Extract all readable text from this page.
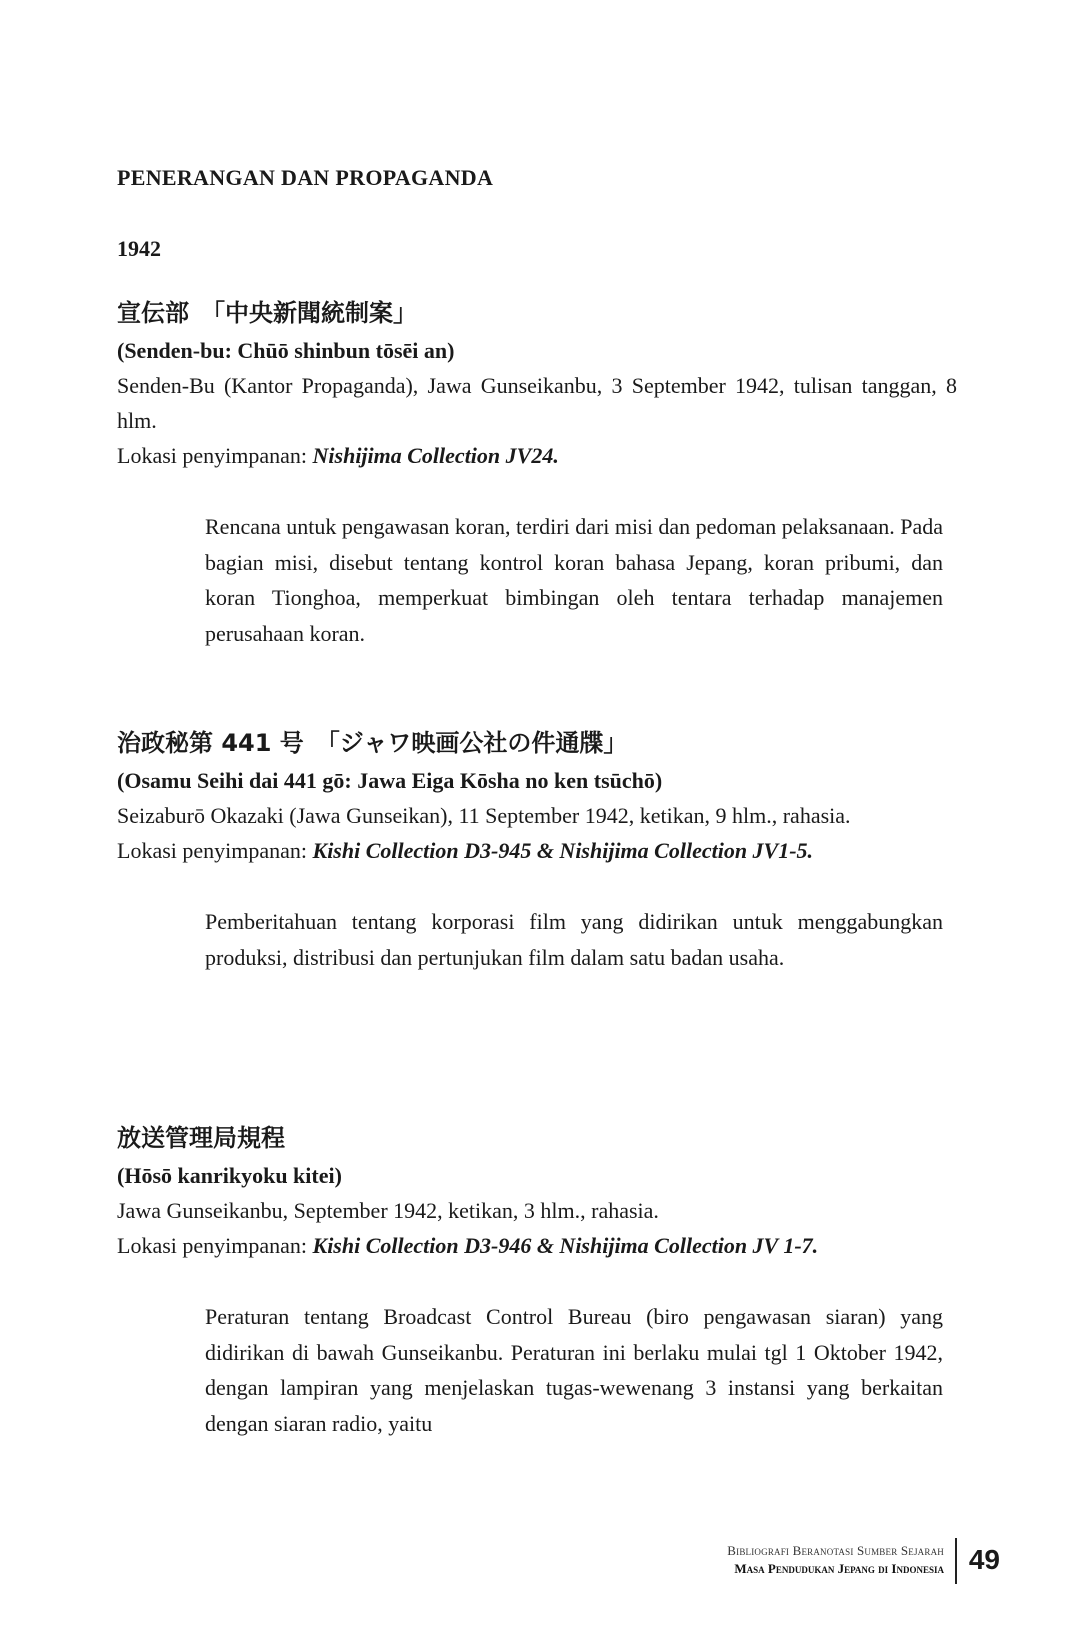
PENERANGAN DAN PROPAGANDA
1942
宣伝部　「中央新聞統制案」
(Senden-bu: Chūō shinbun tōsēi an)
Senden-Bu (Kantor Propaganda), Jawa Gunseikanbu, 3 September 1942, tulisan tanggan, 8 hlm.
Lokasi penyimpanan: Nishijima Collection JV24.
Rencana untuk pengawasan koran, terdiri dari misi dan pedoman pelaksanaan. Pada bagian misi, disebut tentang kontrol koran bahasa Jepang, koran pribumi, dan koran Tionghoa, memperkuat bimbingan oleh tentara terhadap manajemen perusahaan koran.
治政秘第 441 号　「ジャワ映画公社の件通牒」
(Osamu Seihi dai 441 gō: Jawa Eiga Kōsha no ken tsūchō)
Seizaburō Okazaki (Jawa Gunseikan), 11 September 1942, ketikan, 9 hlm., rahasia.
Lokasi penyimpanan: Kishi Collection D3-945 & Nishijima Collection JV1-5.
Pemberitahuan tentang korporasi film yang didirikan untuk menggabungkan produksi, distribusi dan pertunjukan film dalam satu badan usaha.
放送管理局規程
(Hōsō kanrikyoku kitei)
Jawa Gunseikanbu, September 1942, ketikan, 3 hlm., rahasia.
Lokasi penyimpanan: Kishi Collection D3-946 & Nishijima Collection JV 1-7.
Peraturan tentang Broadcast Control Bureau (biro pengawasan siaran) yang didirikan di bawah Gunseikanbu. Peraturan ini berlaku mulai tgl 1 Oktober 1942, dengan lampiran yang menjelaskan tugas-wewenang 3 instansi yang berkaitan dengan siaran radio, yaitu
Bibliografi Beranotasi Sumber Sejarah
Masa Pendudukan Jepang di Indonesia 49
